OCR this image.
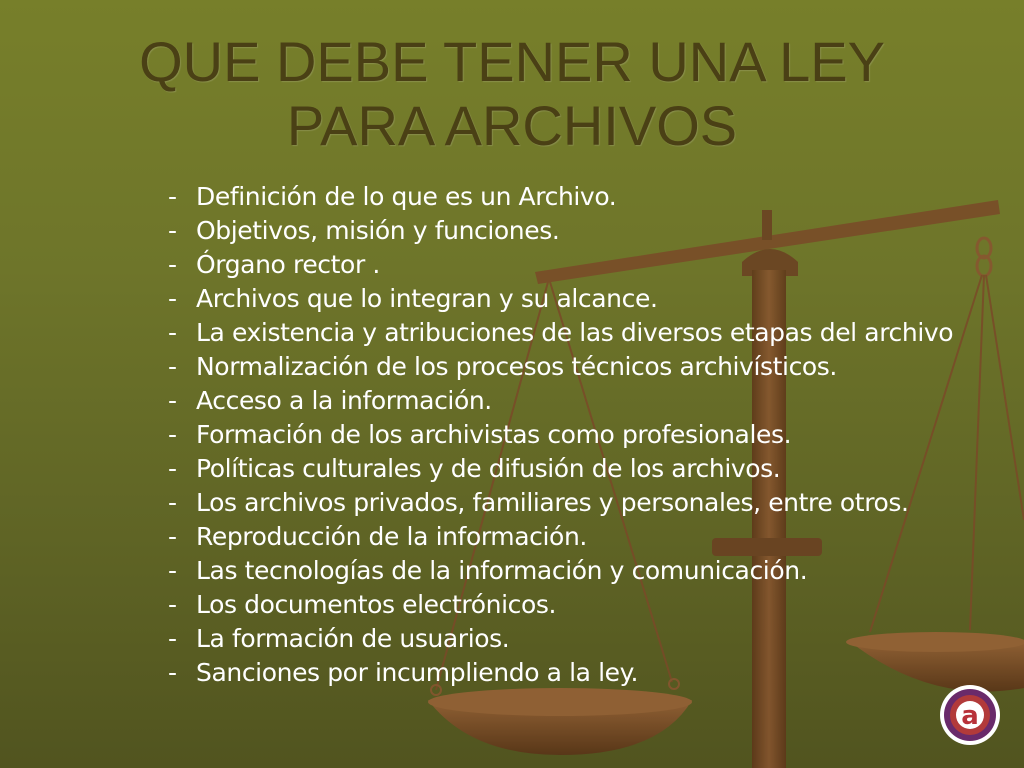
QUE DEBE TENER UNA LEY
PARA ARCHIVOS
- Definición de lo que es un Archivo.
- Objetivos, misión y funciones.
- Órgano rector .
- Archivos que lo integran y su alcance.
- La existencia y atribuciones de las diversos etapas del archivo
- Normalización de los procesos técnicos archivísticos.
- Acceso a la información.
- Formación de los archivistas como profesionales.
- Políticas culturales y de difusión de los archivos.
- Los archivos privados, familiares y personales, entre otros.
- Reproducción de la información.
- Las tecnologías de la información y comunicación.
- Los documentos electrónicos.
- La formación de usuarios.
- Sanciones por incumpliendo a la ley.
a
